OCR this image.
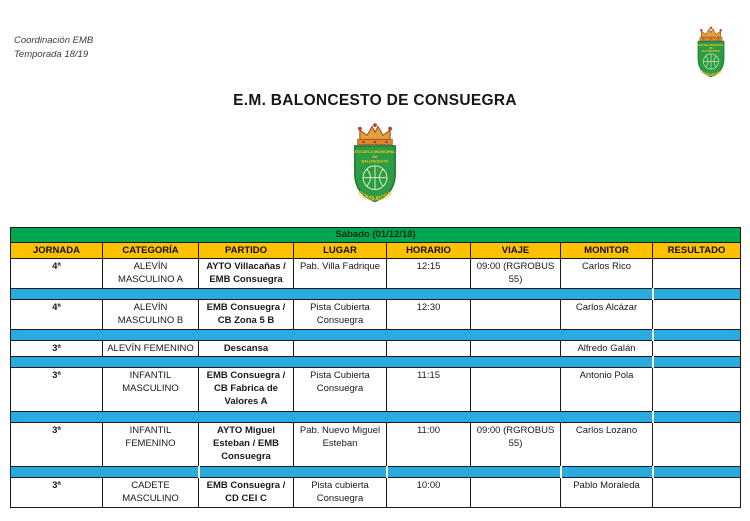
Coordinación EMB
Temporada 18/19
E.M. BALONCESTO DE CONSUEGRA
Sábado (01/12/18)							
JORNADA	CATEGORÍA	PARTIDO	LUGAR	HORARIO	VIAJE	MONITOR	RESULTADO
4ª	ALEVÍN MASCULINO A	AYTO Villacañas / EMB Consuegra	Pab. Villa Fadrique	12:15	09:00 (RGROBUS 55)	Carlos Rico	

4ª	ALEVÍN MASCULINO B	EMB Consuegra / CB Zona 5 B	Pista Cubierta Consuegra	12:30		Carlos Alcázar	

3ª	ALEVÍN FEMENINO	Descansa				Alfredo Galán	

3ª	INFANTIL MASCULINO	EMB Consuegra / CB Fabrica de Valores A	Pista Cubierta Consuegra	11:15		Antonio Pola	

3ª	INFANTIL FEMENINO	AYTO Miguel Esteban / EMB Consuegra	Pab. Nuevo Miguel Esteban	11:00	09:00 (RGROBUS 55)	Carlos Lozano	

3ª	CADETE MASCULINO	EMB Consuegra / CD CEI C	Pista cubierta Consuegra	10:00		Pablo Moraleda	
